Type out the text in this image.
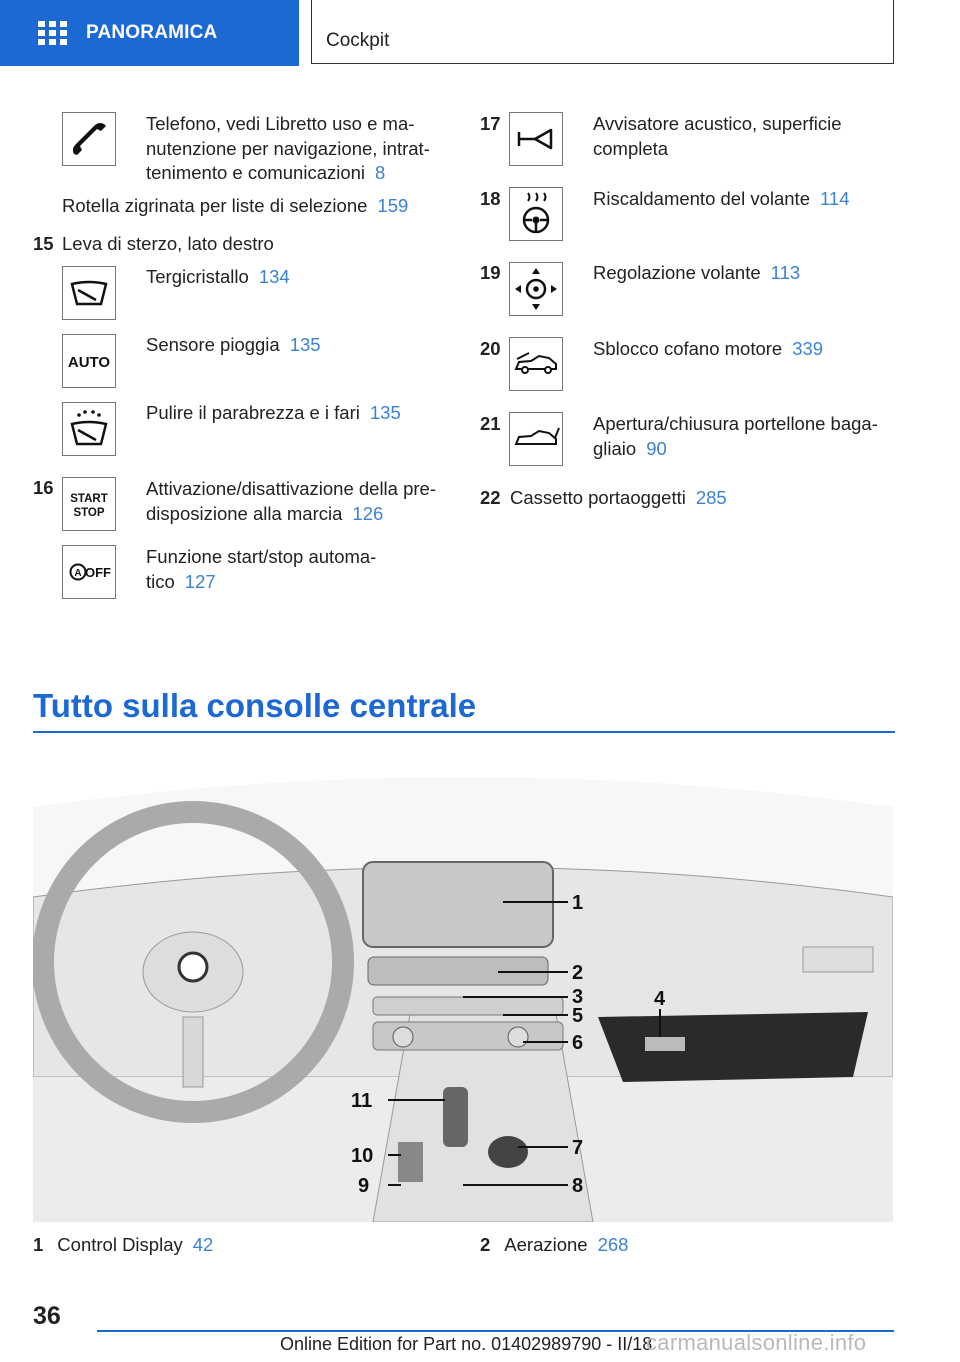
PANORAMICA	Cockpit
Telefono, vedi Libretto uso e ma-
nutenzione per navigazione, intrat-
tenimento e comunicazioni 8
Rotella zigrinata per liste di selezione 159
15 Leva di sterzo, lato destro
Tergicristallo 134
AUTO
Sensore pioggia 135
Pulire il parabrezza e i fari 135
16
START
STOP
Attivazione/disattivazione della pre-
disposizione alla marcia 126
A OFF
Funzione start/stop automa-
tico 127
17	Avvisatore acustico, superficie
completa
18	Riscaldamento del volante 114
19	Regolazione volante 113
20	Sblocco cofano motore 339
21	Apertura/chiusura portellone baga-
gliaio 90
22 Cassetto portaoggetti 285
Tutto sulla consolle centrale
1
2
3	4
5
6
7
8
9
10
11
1 Control Display 42	2 Aerazione 268
36
Online Edition for Part no. 01402989790 - II/18
carmanualsonline.info
